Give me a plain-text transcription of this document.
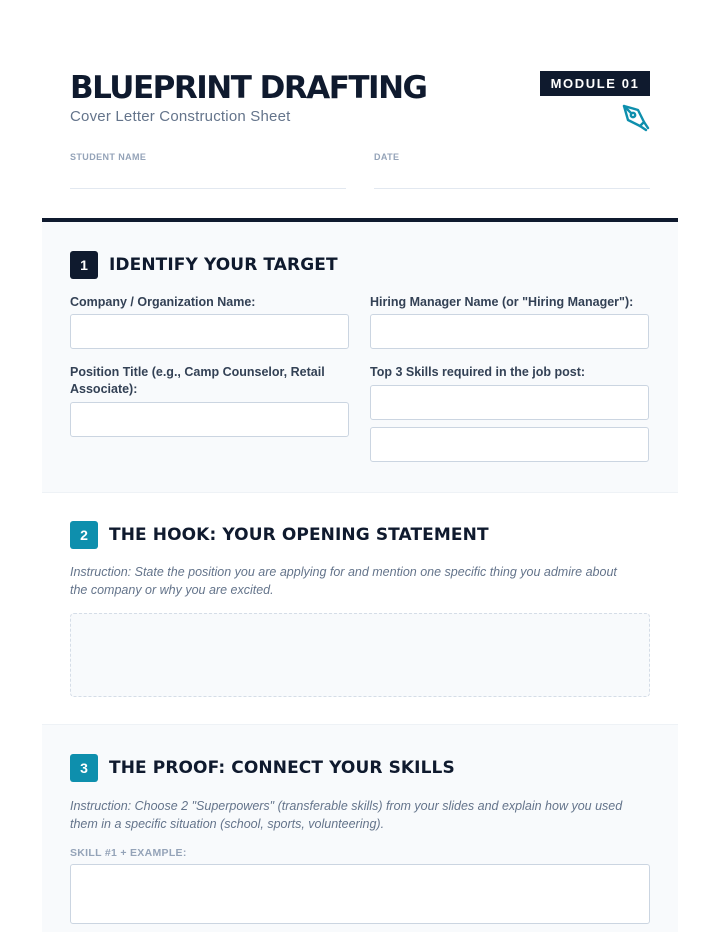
BLUEPRINT DRAFTING
Cover Letter Construction Sheet
MODULE 01
STUDENT NAME	DATE
1	IDENTIFY YOUR TARGET
Company / Organization Name:	Hiring Manager Name (or "Hiring Manager"):
Position Title (e.g., Camp Counselor, Retail Associate):
Top 3 Skills required in the job post:
2	THE HOOK: YOUR OPENING STATEMENT
Instruction: State the position you are applying for and mention one specific thing you admire about the company or why you are excited.
3	THE PROOF: CONNECT YOUR SKILLS
Instruction: Choose 2 "Superpowers" (transferable skills) from your slides and explain how you used them in a specific situation (school, sports, volunteering).
SKILL #1 + EXAMPLE:
